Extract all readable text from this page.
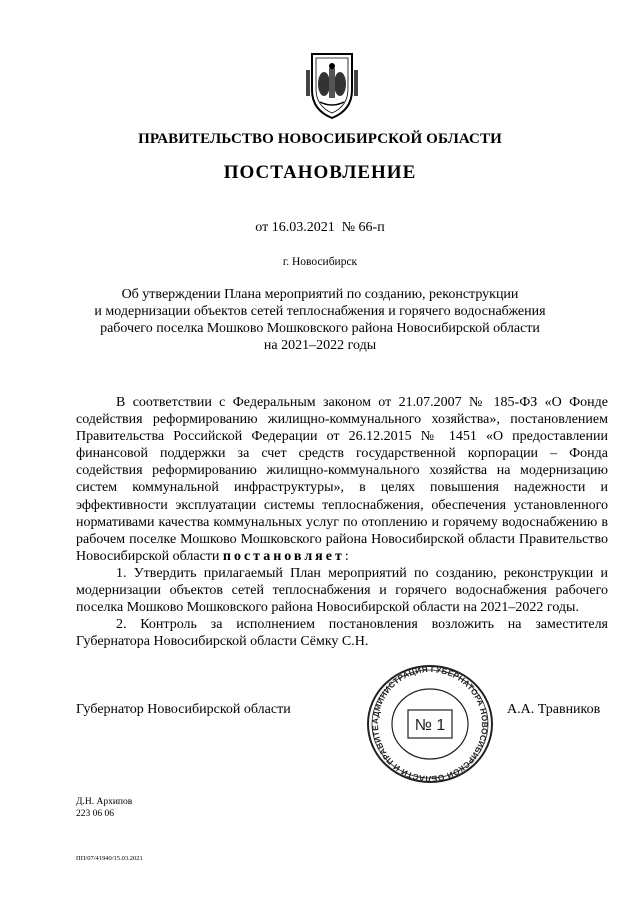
ПРАВИТЕЛЬСТВО НОВОСИБИРСКОЙ ОБЛАСТИ
ПОСТАНОВЛЕНИЕ
от 16.03.2021  № 66-п
г. Новосибирск
Об утверждении Плана мероприятий по созданию, реконструкции
и модернизации объектов сетей теплоснабжения и горячего водоснабжения
рабочего поселка Мошково Мошковского района Новосибирской области
на 2021–2022 годы

В соответствии с Федеральным законом от 21.07.2007 № 185-ФЗ «О Фонде содействия реформированию жилищно-коммунального хозяйства», постановлением Правительства Российской Федерации от 26.12.2015 № 1451 «О предоставлении финансовой поддержки за счет средств государственной корпорации – Фонда содействия реформированию жилищно-коммунального хозяйства на модернизацию систем коммунальной инфраструктуры», в целях повышения надежности и эффективности эксплуатации системы теплоснабжения, обеспечения установленного нормативами качества коммунальных услуг по отоплению и горячему водоснабжению в рабочем поселке Мошково Мошковского района Новосибирской области Правительство Новосибирской области постановляет:

1. Утвердить прилагаемый План мероприятий по созданию, реконструкции и модернизации объектов сетей теплоснабжения и горячего водоснабжения рабочего поселка Мошково Мошковского района Новосибирской области на 2021–2022 годы.

2. Контроль за исполнением постановления возложить на заместителя Губернатора Новосибирской области Сёмку С.Н.

Губернатор Новосибирской области
АДМИНИСТРАЦИЯ ГУБЕРНАТОРА НОВОСИБИРСКОЙ ОБЛАСТИ И ПРАВИТЕ	№ 1
А.А. Травников
Д.Н. Архипов
223 06 06
ПП/07/41940/15.03.2021
